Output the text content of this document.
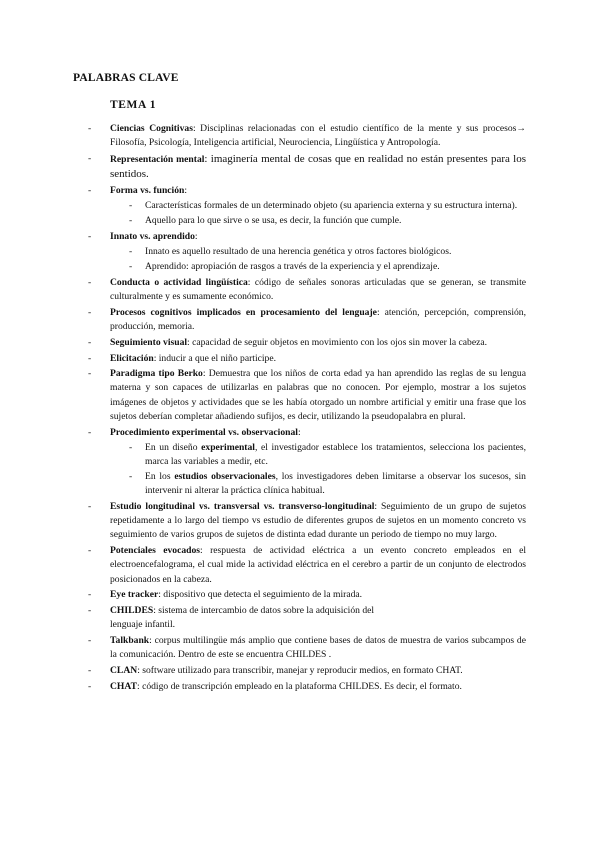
PALABRAS CLAVE
TEMA 1
- Ciencias Cognitivas: Disciplinas relacionadas con el estudio científico de la mente y sus procesos→ Filosofía, Psicología, Inteligencia artificial, Neurociencia, Lingüística y Antropología.
- Representación mental: imaginería mental de cosas que en realidad no están presentes para los sentidos.
- Forma vs. función:
- Características formales de un determinado objeto (su apariencia externa y su estructura interna).
- Aquello para lo que sirve o se usa, es decir, la función que cumple.
- Innato vs. aprendido:
- Innato es aquello resultado de una herencia genética y otros factores biológicos.
- Aprendido: apropiación de rasgos a través de la experiencia y el aprendizaje.
- Conducta o actividad lingüística: código de señales sonoras articuladas que se generan, se transmite culturalmente y es sumamente económico.
- Procesos cognitivos implicados en procesamiento del lenguaje: atención, percepción, comprensión, producción, memoria.
- Seguimiento visual: capacidad de seguir objetos en movimiento con los ojos sin mover la cabeza.
- Elicitación: inducir a que el niño participe.
- Paradigma tipo Berko: Demuestra que los niños de corta edad ya han aprendido las reglas de su lengua materna y son capaces de utilizarlas en palabras que no conocen. Por ejemplo, mostrar a los sujetos imágenes de objetos y actividades que se les había otorgado un nombre artificial y emitir una frase que los sujetos deberían completar añadiendo sufijos, es decir, utilizando la pseudopalabra en plural.
- Procedimiento experimental vs. observacional:
- En un diseño experimental, el investigador establece los tratamientos, selecciona los pacientes, marca las variables a medir, etc.
- En los estudios observacionales, los investigadores deben limitarse a observar los sucesos, sin intervenir ni alterar la práctica clínica habitual.
- Estudio longitudinal vs. transversal vs. transverso-longitudinal: Seguimiento de un grupo de sujetos repetidamente a lo largo del tiempo vs estudio de diferentes grupos de sujetos en un momento concreto vs seguimiento de varios grupos de sujetos de distinta edad durante un periodo de tiempo no muy largo.
- Potenciales evocados: respuesta de actividad eléctrica a un evento concreto empleados en el electroencefalograma, el cual mide la actividad eléctrica en el cerebro a partir de un conjunto de electrodos posicionados en la cabeza.
- Eye tracker: dispositivo que detecta el seguimiento de la mirada.
- CHILDES: sistema de intercambio de datos sobre la adquisición del
lenguaje infantil.
- Talkbank: corpus multilingüe más amplio que contiene bases de datos de muestra de varios subcampos de la comunicación. Dentro de este se encuentra CHILDES .
- CLAN: software utilizado para transcribir, manejar y reproducir medios, en formato CHAT.
- CHAT: código de transcripción empleado en la plataforma CHILDES. Es decir, el formato.
